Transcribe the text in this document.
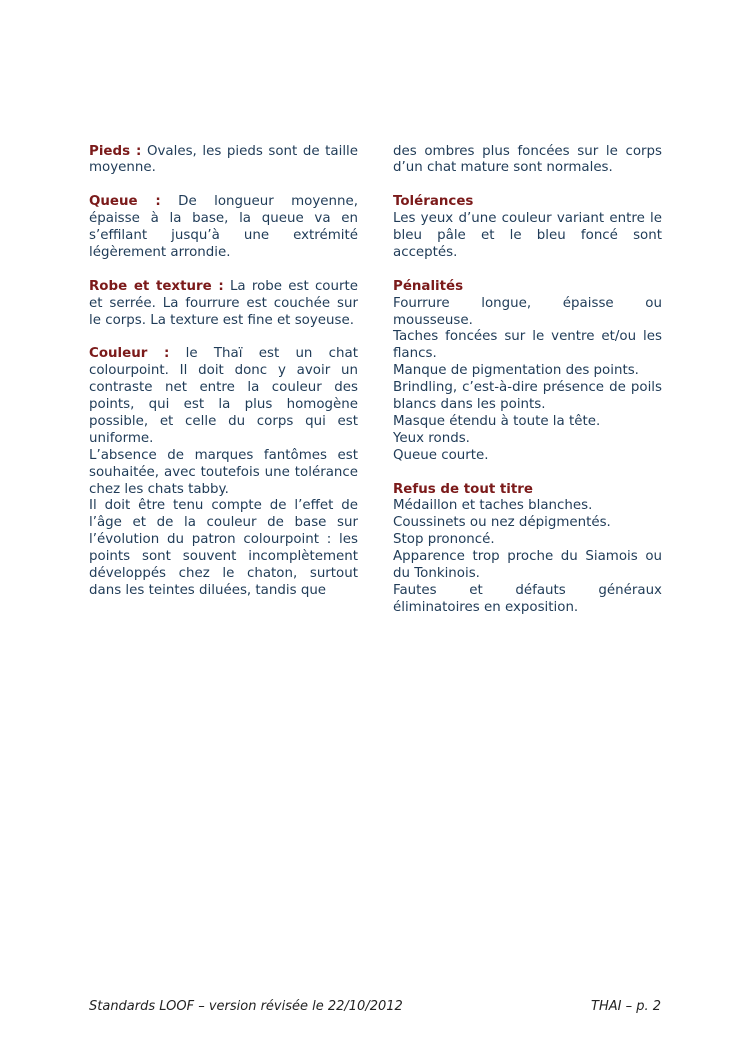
Pieds : Ovales, les pieds sont de taille moyenne.

Queue : De longueur moyenne, épaisse à la base, la queue va en s’effilant jusqu’à une extrémité légèrement arrondie.

Robe et texture : La robe est courte et serrée. La fourrure est couchée sur le corps. La texture est fine et soyeuse.

Couleur : le Thaï est un chat colourpoint. Il doit donc y avoir un contraste net entre la couleur des points, qui est la plus homogène possible, et celle du corps qui est uniforme.

L’absence de marques fantômes est souhaitée, avec toutefois une tolérance chez les chats tabby.

Il doit être tenu compte de l’effet de l’âge et de la couleur de base sur l’évolution du patron colourpoint : les points sont souvent incomplètement développés chez le chaton, surtout dans les teintes diluées, tandis que

des ombres plus foncées sur le corps d’un chat mature sont normales.

Tolérances

Les yeux d’une couleur variant entre le bleu pâle et le bleu foncé sont acceptés.

Pénalités

Fourrure longue, épaisse ou mousseuse.

Taches foncées sur le ventre et/ou les flancs.

Manque de pigmentation des points.

Brindling, c’est-à-dire présence de poils blancs dans les points.

Masque étendu à toute la tête.

Yeux ronds.

Queue courte.

Refus de tout titre

Médaillon et taches blanches.

Coussinets ou nez dépigmentés.

Stop prononcé.

Apparence trop proche du Siamois ou du Tonkinois.

Fautes et défauts généraux éliminatoires en exposition.

Standards LOOF – version révisée le 22/10/2012	THAI – p. 2
